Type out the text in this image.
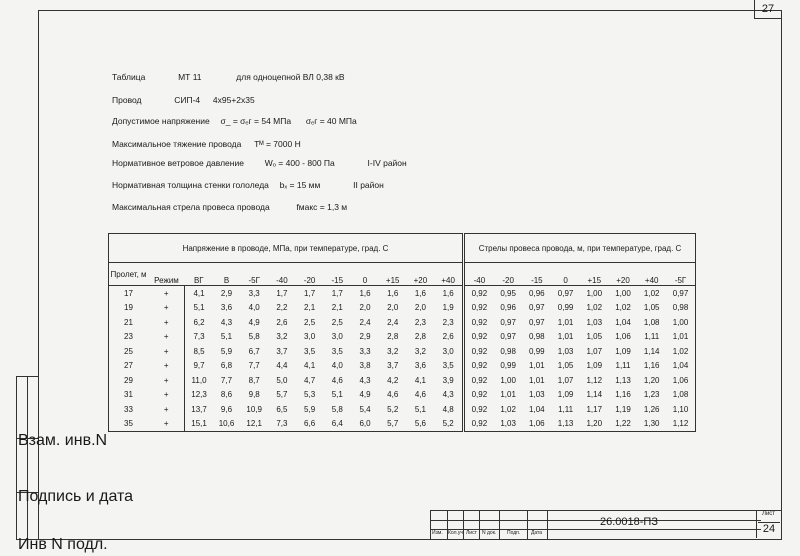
27
Инв N подл.
Подпись и дата
Взам. инв.N
Таблица	МТ 11	для одноцепной ВЛ 0,38 кВ
Провод	СИП-4 4х95+2х35
Допустимое напряжение σ_ = σₑг = 54 МПа σₑг = 40 МПа
Максимальное тяжение провода Tᴹ = 7000 Н
Нормативное ветровое давление Wₒ = 400 - 800 Па	I-IV район
Нормативная толщина стенки гололеда bₓ = 15 мм	II район
Максимальная стрела провеса провода	fмакс = 1,3 м
Напряжение в проводе, МПа, при температуре, град. С												Стрелы провеса провода, м, при температуре, град. С							
Пролет, м	Режим	ВГ	В	-5Г	-40	-20	-15	0	+15	+20	+40	-40	-20	-15	0	+15	+20	+40	-5Г
17	+	4,1	2,9	3,3	1,7	1,7	1,7	1,6	1,6	1,6	1,6	0,92	0,95	0,96	0,97	1,00	1,00	1,02	0,97
19	+	5,1	3,6	4,0	2,2	2,1	2,1	2,0	2,0	2,0	1,9	0,92	0,96	0,97	0,99	1,02	1,02	1,05	0,98
21	+	6,2	4,3	4,9	2,6	2,5	2,5	2,4	2,4	2,3	2,3	0,92	0,97	0,97	1,01	1,03	1,04	1,08	1,00
23	+	7,3	5,1	5,8	3,2	3,0	3,0	2,9	2,8	2,8	2,6	0,92	0,97	0,98	1,01	1,05	1,06	1,11	1,01
25	+	8,5	5,9	6,7	3,7	3,5	3,5	3,3	3,2	3,2	3,0	0,92	0,98	0,99	1,03	1,07	1,09	1,14	1,02
27	+	9,7	6,8	7,7	4,4	4,1	4,0	3,8	3,7	3,6	3,5	0,92	0,99	1,01	1,05	1,09	1,11	1,16	1,04
29	+	11,0	7,7	8,7	5,0	4,7	4,6	4,3	4,2	4,1	3,9	0,92	1,00	1,01	1,07	1,12	1,13	1,20	1,06
31	+	12,3	8,6	9,8	5,7	5,3	5,1	4,9	4,6	4,6	4,3	0,92	1,01	1,03	1,09	1,14	1,16	1,23	1,08
33	+	13,7	9,6	10,9	6,5	5,9	5,8	5,4	5,2	5,1	4,8	0,92	1,02	1,04	1,11	1,17	1,19	1,26	1,10
35	+	15,1	10,6	12,1	7,3	6,6	6,4	6,0	5,7	5,6	5,2	0,92	1,03	1,06	1,13	1,20	1,22	1,30	1,12
Изм. Кол.уч Лист N док. Подп. Дата
26.0018-ПЗ
Лист
24
